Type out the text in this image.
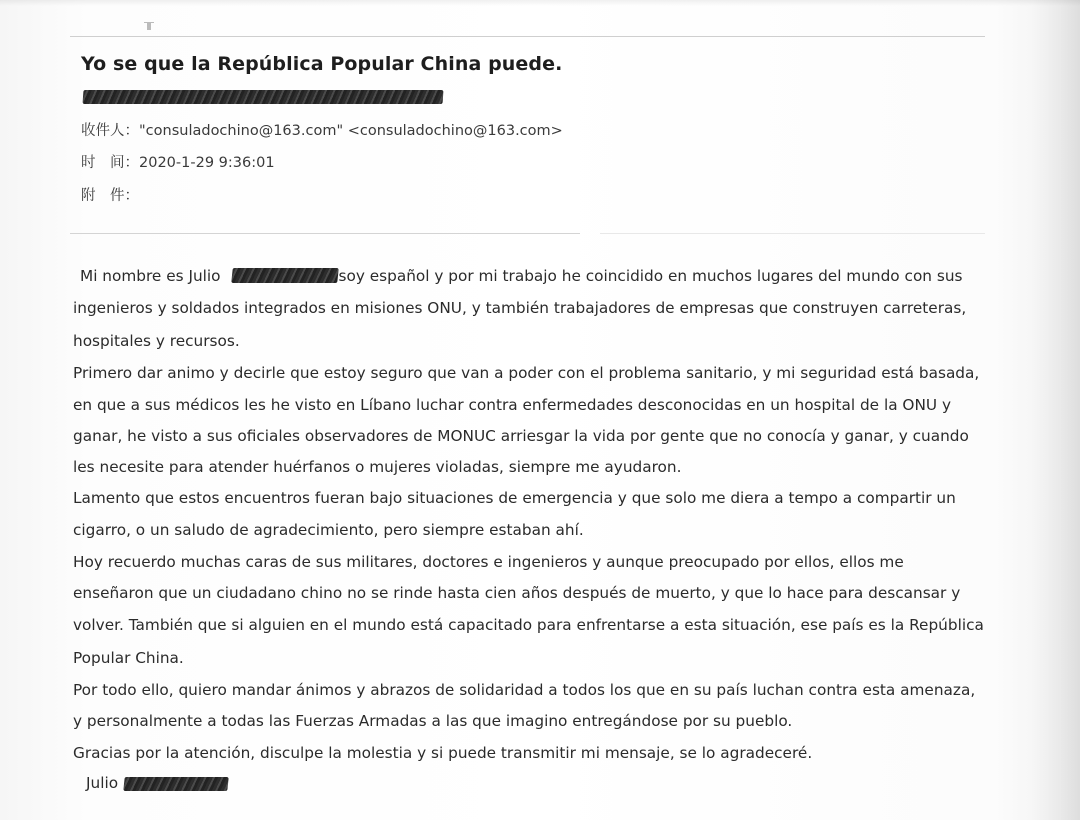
Yo se que la República Popular China puede.
收件人："consuladochino@163.com" <consuladochino@163.com>
时　间：2020-1-29 9:36:01
附　件：
Mi nombre es Julio	soy español y por mi trabajo he coincidido en muchos lugares del mundo con sus
ingenieros y soldados integrados en misiones ONU, y también trabajadores de empresas que construyen carreteras,
hospitales y recursos.
Primero dar animo y decirle que estoy seguro que van a poder con el problema sanitario, y mi seguridad está basada,
en que a sus médicos les he visto en Líbano luchar contra enfermedades desconocidas en un hospital de la ONU y
ganar, he visto a sus oficiales observadores de MONUC arriesgar la vida por gente que no conocía y ganar, y cuando
les necesite para atender huérfanos o mujeres violadas, siempre me ayudaron.
Lamento que estos encuentros fueran bajo situaciones de emergencia y que solo me diera a tempo a compartir un
cigarro, o un saludo de agradecimiento, pero siempre estaban ahí.
Hoy recuerdo muchas caras de sus militares, doctores e ingenieros y aunque preocupado por ellos, ellos me
enseñaron que un ciudadano chino no se rinde hasta cien años después de muerto, y que lo hace para descansar y
volver. También que si alguien en el mundo está capacitado para enfrentarse a esta situación, ese país es la República
Popular China.
Por todo ello, quiero mandar ánimos y abrazos de solidaridad a todos los que en su país luchan contra esta amenaza,
y personalmente a todas las Fuerzas Armadas a las que imagino entregándose por su pueblo.
Gracias por la atención, disculpe la molestia y si puede transmitir mi mensaje, se lo agradeceré.
Julio
